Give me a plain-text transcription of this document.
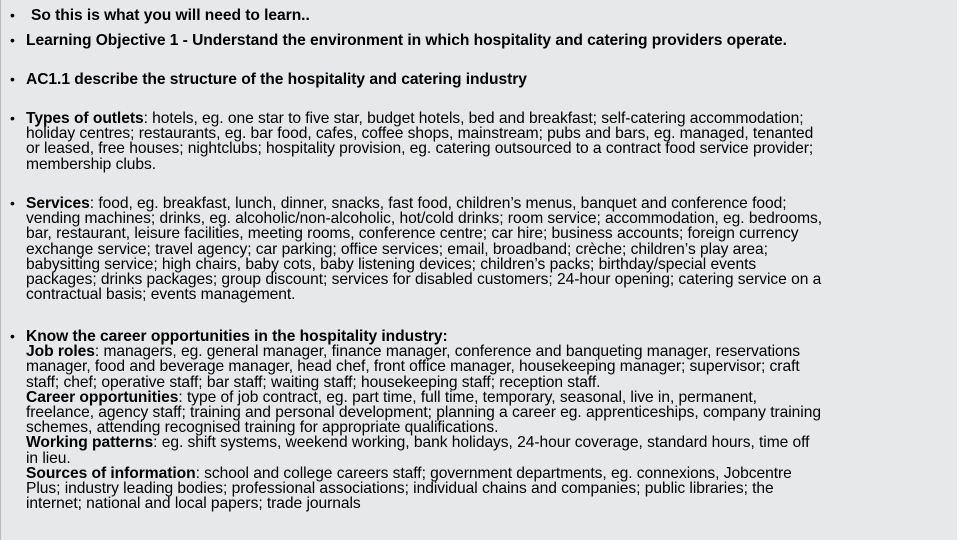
• So this is what you will need to learn..
• Learning Objective 1 - Understand the environment in which hospitality and catering providers operate.
• AC1.1 describe the structure of the hospitality and catering industry
• Types of outlets: hotels, eg. one star to five star, budget hotels, bed and breakfast; self-catering accommodation;
holiday centres; restaurants, eg. bar food, cafes, coffee shops, mainstream; pubs and bars, eg. managed, tenanted
or leased, free houses; nightclubs; hospitality provision, eg. catering outsourced to a contract food service provider;
membership clubs.
• Services: food, eg. breakfast, lunch, dinner, snacks, fast food, children’s menus, banquet and conference food;
vending machines; drinks, eg. alcoholic/non-alcoholic, hot/cold drinks; room service; accommodation, eg. bedrooms,
bar, restaurant, leisure facilities, meeting rooms, conference centre; car hire; business accounts; foreign currency
exchange service; travel agency; car parking; office services; email, broadband; crèche; children’s play area;
babysitting service; high chairs, baby cots, baby listening devices; children’s packs; birthday/special events
packages; drinks packages; group discount; services for disabled customers; 24-hour opening; catering service on a
contractual basis; events management.
• Know the career opportunities in the hospitality industry:
Job roles: managers, eg. general manager, finance manager, conference and banqueting manager, reservations
manager, food and beverage manager, head chef, front office manager, housekeeping manager; supervisor; craft
staff; chef; operative staff; bar staff; waiting staff; housekeeping staff; reception staff.
Career opportunities: type of job contract, eg. part time, full time, temporary, seasonal, live in, permanent,
freelance, agency staff; training and personal development; planning a career eg. apprenticeships, company training
schemes, attending recognised training for appropriate qualifications.
Working patterns: eg. shift systems, weekend working, bank holidays, 24-hour coverage, standard hours, time off
in lieu.
Sources of information: school and college careers staff; government departments, eg. connexions, Jobcentre
Plus; industry leading bodies; professional associations; individual chains and companies; public libraries; the
internet; national and local papers; trade journals
